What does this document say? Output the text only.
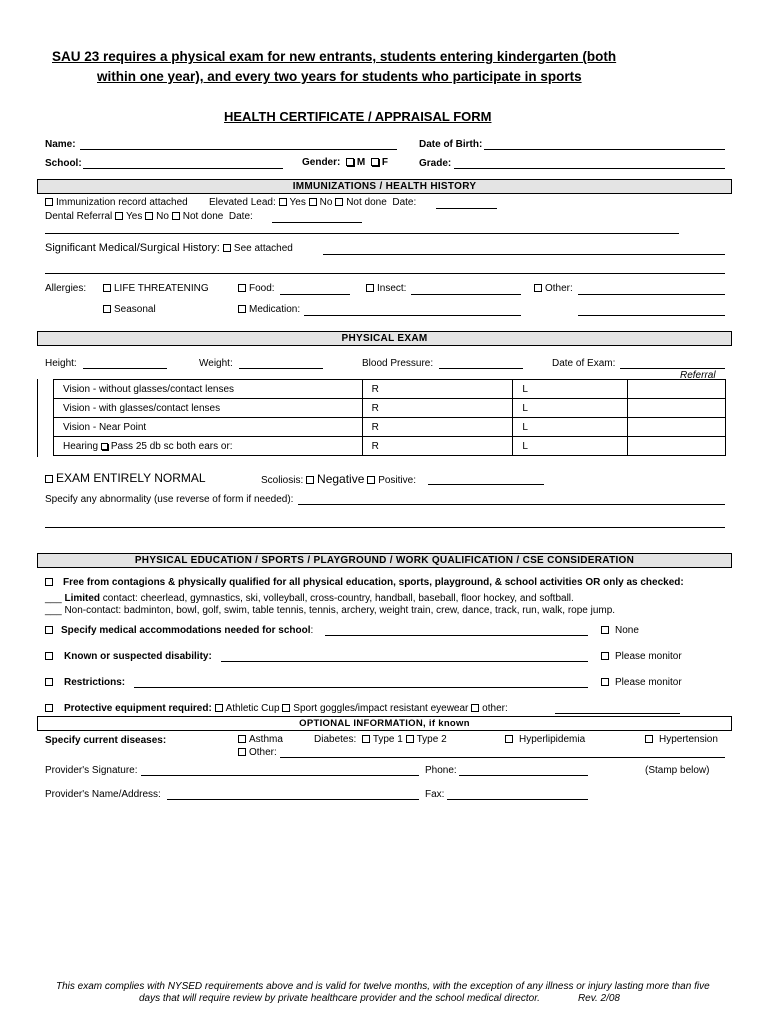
SAU 23 requires a physical exam for new entrants, students entering kindergarten (both
within one year), and every two years for students who participate in sports
HEALTH CERTIFICATE / APPRAISAL FORM
Name:	Date of Birth:
School:	Gender: M F	Grade:
IMMUNIZATIONS / HEALTH HISTORY
Immunization record attached Elevated Lead: Yes No Not done Date:
Dental Referral Yes No Not done Date:
Significant Medical/Surgical History: See attached
Allergies:	LIFE THREATENING	Food:	Insect:	Other:
Seasonal	Medication:
PHYSICAL EXAM
Height:	Weight:	Blood Pressure:	Date of Exam:
Referral
Vision - without glasses/contact lenses	R	L	
Vision - with glasses/contact lenses	R	L	
Vision - Near Point	R	L	
Hearing Pass 25 db sc both ears or:	R	L	
EXAM ENTIRELY NORMAL	Scoliosis: Negative Positive:
Specify any abnormality (use reverse of form if needed):
PHYSICAL EDUCATION / SPORTS / PLAYGROUND / WORK QUALIFICATION / CSE CONSIDERATION
Free from contagions & physically qualified for all physical education, sports, playground, & school activities OR only as checked:
___ Limited contact: cheerlead, gymnastics, ski, volleyball, cross-country, handball, baseball, floor hockey, and softball.
___ Non-contact: badminton, bowl, golf, swim, table tennis, tennis, archery, weight train, crew, dance, track, run, walk, rope jump.
Specify medical accommodations needed for school:	None
Known or suspected disability:	Please monitor
Restrictions:	Please monitor
Protective equipment required: Athletic Cup Sport goggles/impact resistant eyewear other:
OPTIONAL INFORMATION, if known
Specify current diseases:	Asthma
Other:
Diabetes: Type 1 Type 2	Hyperlipidemia	Hypertension
Provider's Signature:	Phone:	(Stamp below)
Provider's Name/Address:	Fax:
This exam complies with NYSED requirements above and is valid for twelve months, with the exception of any illness or injury lasting more than five
days that will require review by private healthcare provider and the school medical director.	Rev. 2/08
